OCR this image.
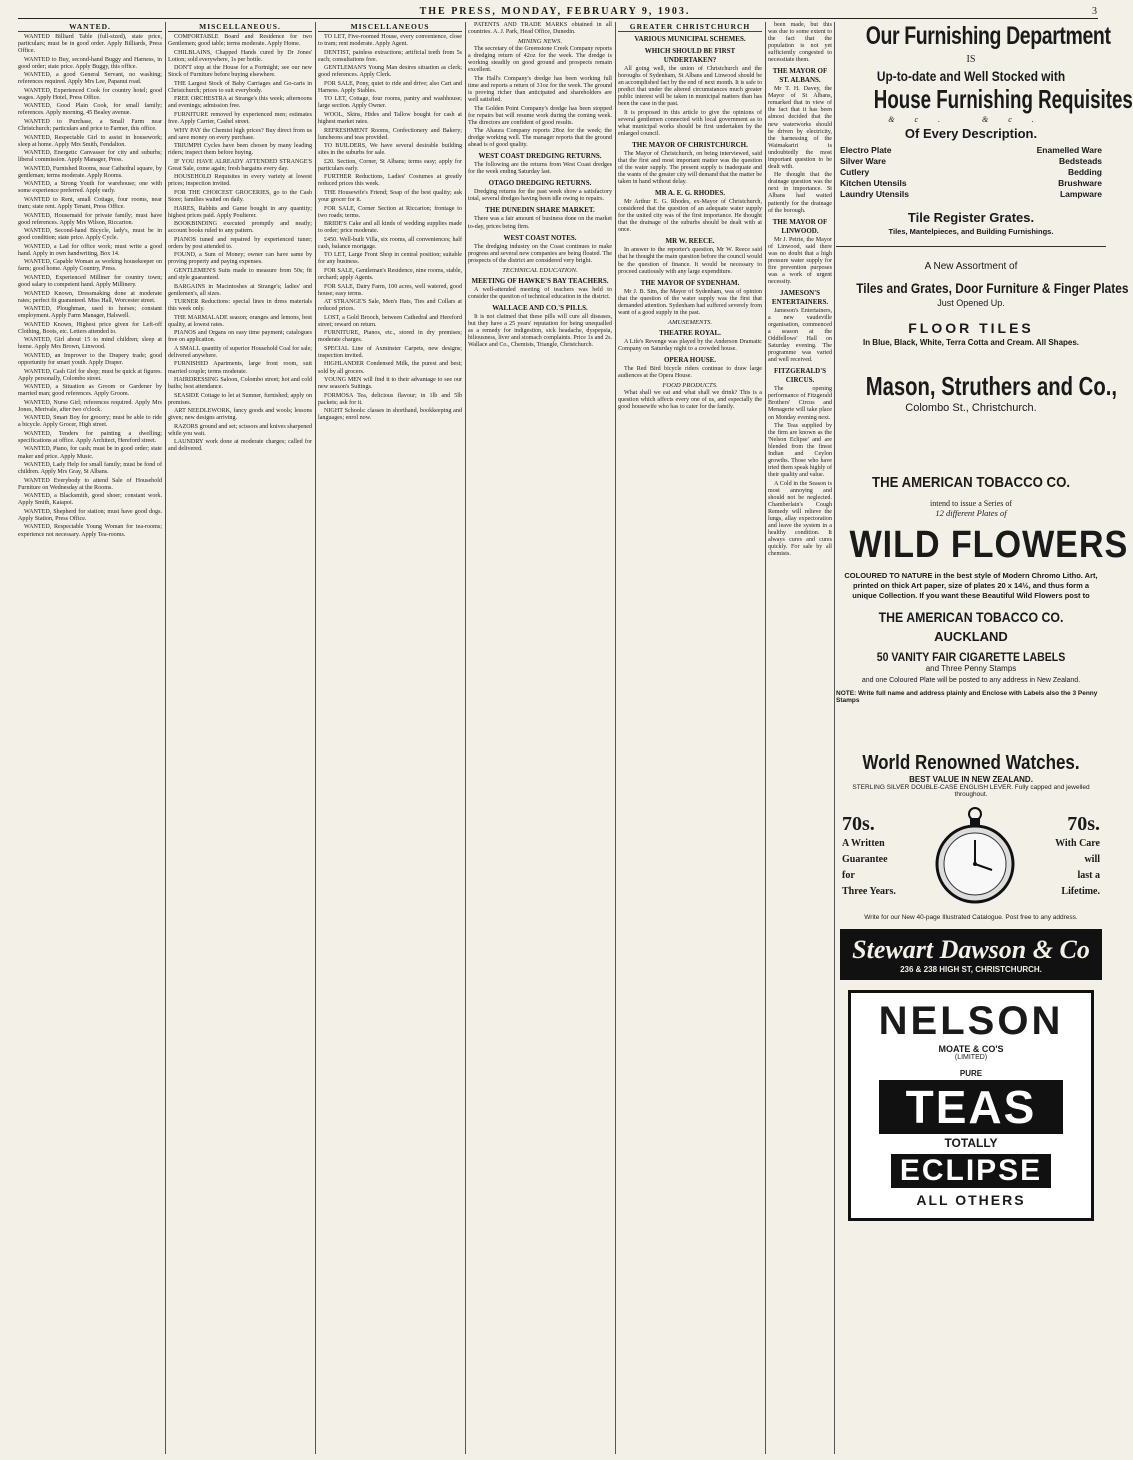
THE PRESS, MONDAY, FEBRUARY 9, 1903.	3
WANTED.

WANTED Billiard Table (full-sized), state price, particulars; must be in good order. Apply Billiards, Press Office.

WANTED to Buy, second-hand Buggy and Harness, in good order; state price. Apply Buggy, this office.

WANTED, a good General Servant, no washing; references required. Apply Mrs Lee, Papanui road.

WANTED, Experienced Cook for country hotel; good wages. Apply Hotel, Press Office.

WANTED, Good Plain Cook, for small family; references. Apply morning, 45 Bealey avenue.

WANTED to Purchase, a Small Farm near Christchurch; particulars and price to Farmer, this office.

WANTED, Respectable Girl to assist in housework; sleep at home. Apply Mrs Smith, Fendalton.

WANTED, Energetic Canvasser for city and suburbs; liberal commission. Apply Manager, Press.

WANTED, Furnished Rooms, near Cathedral square, by gentleman; terms moderate. Apply Rooms.

WANTED, a Strong Youth for warehouse; one with some experience preferred. Apply early.

WANTED to Rent, small Cottage, four rooms, near tram; state rent. Apply Tenant, Press Office.

WANTED, Housemaid for private family; must have good references. Apply Mrs Wilson, Riccarton.

WANTED, Second-hand Bicycle, lady's, must be in good condition; state price. Apply Cycle.

WANTED, a Lad for office work; must write a good hand. Apply in own handwriting, Box 14.

WANTED, Capable Woman as working housekeeper on farm; good home. Apply Country, Press.

WANTED, Experienced Milliner for country town; good salary to competent hand. Apply Millinery.

WANTED Known, Dressmaking done at moderate rates; perfect fit guaranteed. Miss Hall, Worcester street.

WANTED, Ploughman, used to horses; constant employment. Apply Farm Manager, Halswell.

WANTED Known, Highest price given for Left-off Clothing, Boots, etc. Letters attended to.

WANTED, Girl about 15 to mind children; sleep at home. Apply Mrs Brown, Linwood.

WANTED, an Improver to the Drapery trade; good opportunity for smart youth. Apply Draper.

WANTED, Cash Girl for shop; must be quick at figures. Apply personally, Colombo street.

WANTED, a Situation as Groom or Gardener by married man; good references. Apply Groom.

WANTED, Nurse Girl; references required. Apply Mrs Jones, Merivale, after two o'clock.

WANTED, Smart Boy for grocery; must be able to ride a bicycle. Apply Grocer, High street.

WANTED, Tenders for painting a dwelling; specifications at office. Apply Architect, Hereford street.

WANTED, Piano, for cash; must be in good order; state maker and price. Apply Music.

WANTED, Lady Help for small family; must be fond of children. Apply Mrs Gray, St Albans.

WANTED Everybody to attend Sale of Household Furniture on Wednesday at the Rooms.

WANTED, a Blacksmith, good shoer; constant work. Apply Smith, Kaiapoi.

WANTED, Shepherd for station; must have good dogs. Apply Station, Press Office.

WANTED, Respectable Young Woman for tea-rooms; experience not necessary. Apply Tea-rooms.

MISCELLANEOUS.

COMFORTABLE Board and Residence for two Gentlemen; good table; terms moderate. Apply Home.

CHILBLAINS, Chapped Hands cured by Dr Jones' Lotion; sold everywhere, 1s per bottle.

DON'T stop at the House for a Fortnight; see our new Stock of Furniture before buying elsewhere.

THE Largest Stock of Baby Carriages and Go-carts in Christchurch; prices to suit everybody.

FREE ORCHESTRA at Strange's this week; afternoons and evenings; admission free.

FURNITURE removed by experienced men; estimates free. Apply Carrier, Cashel street.

WHY PAY the Chemist high prices? Buy direct from us and save money on every purchase.

TRIUMPH Cycles have been chosen by many leading riders; inspect them before buying.

IF YOU HAVE ALREADY ATTENDED STRANGE'S Great Sale, come again; fresh bargains every day.

HOUSEHOLD Requisites in every variety at lowest prices; inspection invited.

FOR THE CHOICEST GROCERIES, go to the Cash Store; families waited on daily.

HARES, Rabbits and Game bought in any quantity; highest prices paid. Apply Poulterer.

BOOKBINDING executed promptly and neatly; account books ruled to any pattern.

PIANOS tuned and repaired by experienced tuner; orders by post attended to.

FOUND, a Sum of Money; owner can have same by proving property and paying expenses.

GENTLEMEN'S Suits made to measure from 50s; fit and style guaranteed.

BARGAINS in Macintoshes at Strange's; ladies' and gentlemen's, all sizes.

TURNER Reductions: special lines in dress materials this week only.

THE MARMALADE season; oranges and lemons, best quality, at lowest rates.

PIANOS and Organs on easy time payment; catalogues free on application.

A SMALL quantity of superior Household Coal for sale; delivered anywhere.

FURNISHED Apartments, large front room, suit married couple; terms moderate.

HAIRDRESSING Saloon, Colombo street; hot and cold baths; best attendance.

SEASIDE Cottage to let at Sumner, furnished; apply on premises.

ART NEEDLEWORK, fancy goods and wools; lessons given; new designs arriving.

RAZORS ground and set; scissors and knives sharpened while you wait.

LAUNDRY work done at moderate charges; called for and delivered.

MISCELLANEOUS

TO LET, Five-roomed House, every convenience, close to tram; rent moderate. Apply Agent.

DENTIST, painless extractions; artificial teeth from 5s each; consultations free.

GENTLEMAN'S Young Man desires situation as clerk; good references. Apply Clerk.

FOR SALE, Pony, quiet to ride and drive; also Cart and Harness. Apply Stables.

TO LET, Cottage, four rooms, pantry and washhouse; large section. Apply Owner.

WOOL, Skins, Hides and Tallow bought for cash at highest market rates.

REFRESHMENT Rooms, Confectionery and Bakery; luncheons and teas provided.

TO BUILDERS, We have several desirable building sites in the suburbs for sale.

£20. Section, Corner, St Albans; terms easy; apply for particulars early.

FURTHER Reductions, Ladies' Costumes at greatly reduced prices this week.

THE Housewife's Friend; Soap of the best quality; ask your grocer for it.

FOR SALE, Corner Section at Riccarton; frontage to two roads; terms.

BRIDE'S Cake and all kinds of wedding supplies made to order; price moderate.

£450. Well-built Villa, six rooms, all conveniences; half cash, balance mortgage.

TO LET, Large Front Shop in central position; suitable for any business.

FOR SALE, Gentleman's Residence, nine rooms, stable, orchard; apply Agents.

FOR SALE, Dairy Farm, 100 acres, well watered, good house; easy terms.

AT STRANGE'S Sale, Men's Hats, Ties and Collars at reduced prices.

LOST, a Gold Brooch, between Cathedral and Hereford street; reward on return.

FURNITURE, Pianos, etc., stored in dry premises; moderate charges.

SPECIAL Line of Axminster Carpets, new designs; inspection invited.

HIGHLANDER Condensed Milk, the purest and best; sold by all grocers.

YOUNG MEN will find it to their advantage to see our new season's Suitings.

FORMOSA Tea, delicious flavour; in 1lb and 5lb packets; ask for it.

NIGHT Schools: classes in shorthand, bookkeeping and languages; enrol now.

PATENTS AND TRADE MARKS obtained in all countries. A. J. Park, Head Office, Dunedin.

MINING NEWS.

The secretary of the Greenstone Creek Company reports a dredging return of 42oz for the week. The dredge is working steadily on good ground and prospects remain excellent.

The Hall's Company's dredge has been working full time and reports a return of 31oz for the week. The ground is proving richer than anticipated and shareholders are well satisfied.

The Golden Point Company's dredge has been stopped for repairs but will resume work during the coming week. The directors are confident of good results.

The Ahaura Company reports 28oz for the week; the dredge working well. The manager reports that the ground ahead is of good quality.

WEST COAST DREDGING RETURNS.

The following are the returns from West Coast dredges for the week ending Saturday last.

OTAGO DREDGING RETURNS.

Dredging returns for the past week show a satisfactory total, several dredges having been idle owing to repairs.

THE DUNEDIN SHARE MARKET.

There was a fair amount of business done on the market to-day, prices being firm.

WEST COAST NOTES.

The dredging industry on the Coast continues to make progress and several new companies are being floated. The prospects of the district are considered very bright.

TECHNICAL EDUCATION.
MEETING OF HAWKE'S BAY TEACHERS.

A well-attended meeting of teachers was held to consider the question of technical education in the district.

WALLACE AND CO.'S PILLS.

It is not claimed that these pills will cure all diseases, but they have a 25 years' reputation for being unequalled as a remedy for indigestion, sick headache, dyspepsia, biliousness, liver and stomach complaints. Price 1s and 2s. Wallace and Co., Chemists, Triangle, Christchurch.

GREATER CHRISTCHURCH
VARIOUS MUNICIPAL SCHEMES.
WHICH SHOULD BE FIRST UNDERTAKEN?

All going well, the union of Christchurch and the boroughs of Sydenham, St Albans and Linwood should be an accomplished fact by the end of next month. It is safe to predict that under the altered circumstances much greater public interest will be taken in municipal matters than has been the case in the past.

It is proposed in this article to give the opinions of several gentlemen connected with local government as to what municipal works should be first undertaken by the enlarged council.

THE MAYOR OF CHRISTCHURCH.

The Mayor of Christchurch, on being interviewed, said that the first and most important matter was the question of the water supply. The present supply is inadequate and the wants of the greater city will demand that the matter be taken in hand without delay.

MR A. E. G. RHODES.

Mr Arthur E. G. Rhodes, ex-Mayor of Christchurch, considered that the question of an adequate water supply for the united city was of the first importance. He thought that the drainage of the suburbs should be dealt with at once.

MR W. REECE.

In answer to the reporter's question, Mr W. Reece said that he thought the main question before the council would be the question of finance. It would be necessary to proceed cautiously with any large expenditure.

THE MAYOR OF SYDENHAM.

Mr J. B. Sim, the Mayor of Sydenham, was of opinion that the question of the water supply was the first that demanded attention. Sydenham had suffered severely from want of a good supply in the past.

AMUSEMENTS.
THEATRE ROYAL.

A Life's Revenge was played by the Anderson Dramatic Company on Saturday night to a crowded house.

OPERA HOUSE.

The Red Bird bicycle riders continue to draw large audiences at the Opera House.

FOOD PRODUCTS.

What shall we eat and what shall we drink? This is a question which affects every one of us, and especially the good housewife who has to cater for the family.

been made, but this was due to some extent to the fact that the population is not yet sufficiently congested to necessitate them.

THE MAYOR OF ST. ALBANS.

Mr T. H. Davey, the Mayor of St Albans, remarked that in view of the fact that it has been almost decided that the new waterworks should be driven by electricity, the harnessing of the Waimakariri is undoubtedly the most important question to be dealt with.

He thought that the drainage question was the next in importance. St Albans had waited patiently for the drainage of the borough.

THE MAYOR OF LINWOOD.

Mr J. Petrie, the Mayor of Linwood, said there was no doubt that a high pressure water supply for fire prevention purposes was a work of urgent necessity.

JAMESON'S ENTERTAINERS.

Jameson's Entertainers, a new vaudeville organisation, commenced a season at the Oddfellows' Hall on Saturday evening. The programme was varied and well received.

FITZGERALD'S CIRCUS.

The opening performance of Fitzgerald Brothers' Circus and Menagerie will take place on Monday evening next.

The Teas supplied by the firm are known as the 'Nelson Eclipse' and are blended from the finest Indian and Ceylon growths. Those who have tried them speak highly of their quality and value.

A Cold in the Season is most annoying and should not be neglected. Chamberlain's Cough Remedy will relieve the lungs, allay expectoration and leave the system in a healthy condition. It always cures and cures quickly. For sale by all chemists.

Our Furnishing Department
IS
Up-to-date and Well Stocked with
House Furnishing Requisites
&c. &c.
Of Every Description.
Electro Plate
Silver Ware
Cutlery
Kitchen Utensils
Laundry Utensils
Enamelled Ware
Bedsteads
Bedding
Brushware
Lampware
Tile Register Grates.
Tiles, Mantelpieces, and Building Furnishings.
A New Assortment of
Tiles and Grates, Door Furniture & Finger Plates
Just Opened Up.
FLOOR TILES
In Blue, Black, White, Terra Cotta and Cream. All Shapes.
Mason, Struthers and Co.,
Colombo St., Christchurch.
THE AMERICAN TOBACCO CO.
intend to issue a Series of
12 different Plates of
WILD FLOWERS
COLOURED TO NATURE in the best style of Modern Chromo Litho. Art, printed on thick Art paper, size of plates 20 x 14½, and thus form a unique Collection. If you want these Beautiful Wild Flowers post to
THE AMERICAN TOBACCO CO.
AUCKLAND
50 VANITY FAIR CIGARETTE LABELS
and Three Penny Stamps
and one Coloured Plate will be posted to any address in New Zealand.
NOTE: Write full name and address plainly and Enclose with Labels also the 3 Penny Stamps
World Renowned Watches.
BEST VALUE IN NEW ZEALAND.
STERLING SILVER DOUBLE-CASE ENGLISH LEVER. Fully capped and jewelled throughout.
70s.
A Written
Guarantee
for
Three Years.
70s.
With Care
will
last a
Lifetime.
Write for our New 40-page Illustrated Catalogue. Post free to any address.
Stewart Dawson & Co
236 & 238 HIGH ST, CHRISTCHURCH.
NELSON
MOATE & CO'S
(LIMITED)
PURE
TEAS
TOTALLY
ECLIPSE
ALL OTHERS
